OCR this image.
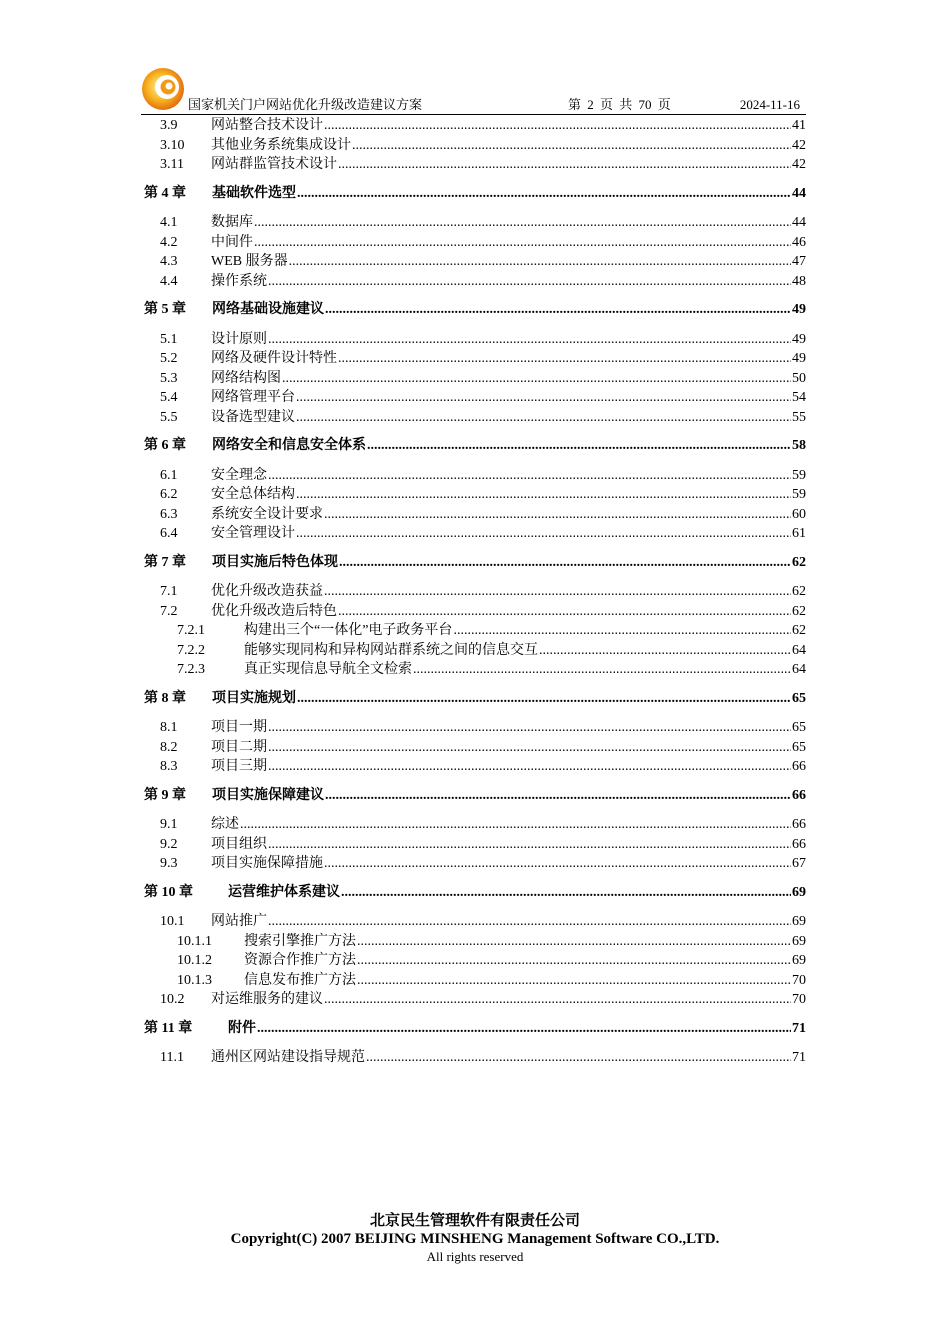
国家机关门户网站优化升级改造建议方案	第 2 页 共 70 页	2024-11-16
3.9	网站整合技术设计 .....	41
3.10	其他业务系统集成设计 .....	42
3.11	网站群监管技术设计 .....	42
第 4 章	基础软件选型 .....	44
4.1	数据库 .....	44
4.2	中间件 .....	46
4.3	WEB 服务器 .....	47
4.4	操作系统 .....	48
第 5 章	网络基础设施建议 .....	49
5.1	设计原则 .....	49
5.2	网络及硬件设计特性 .....	49
5.3	网络结构图 .....	50
5.4	网络管理平台 .....	54
5.5	设备选型建议 .....	55
第 6 章	网络安全和信息安全体系 .....	58
6.1	安全理念 .....	59
6.2	安全总体结构 .....	59
6.3	系统安全设计要求 .....	60
6.4	安全管理设计 .....	61
第 7 章	项目实施后特色体现 .....	62
7.1	优化升级改造获益 .....	62
7.2	优化升级改造后特色 .....	62
7.2.1	构建出三个“一体化”电子政务平台 .....	62
7.2.2	能够实现同构和异构网站群系统之间的信息交互 .....	64
7.2.3	真正实现信息导航全文检索 .....	64
第 8 章	项目实施规划 .....	65
8.1	项目一期 .....	65
8.2	项目二期 .....	65
8.3	项目三期 .....	66
第 9 章	项目实施保障建议 .....	66
9.1	综述 .....	66
9.2	项目组织 .....	66
9.3	项目实施保障措施 .....	67
第 10 章	运营维护体系建议 .....	69
10.1	网站推广 .....	69
10.1.1	搜索引擎推广方法 .....	69
10.1.2	资源合作推广方法 .....	69
10.1.3	信息发布推广方法 .....	70
10.2	对运维服务的建议 .....	70
第 11 章	附件 .....	71
11.1	通州区网站建设指导规范 .....	71
北京民生管理软件有限责任公司
Copyright(C) 2007 BEIJING MINSHENG Management Software CO.,LTD.
All rights reserved
